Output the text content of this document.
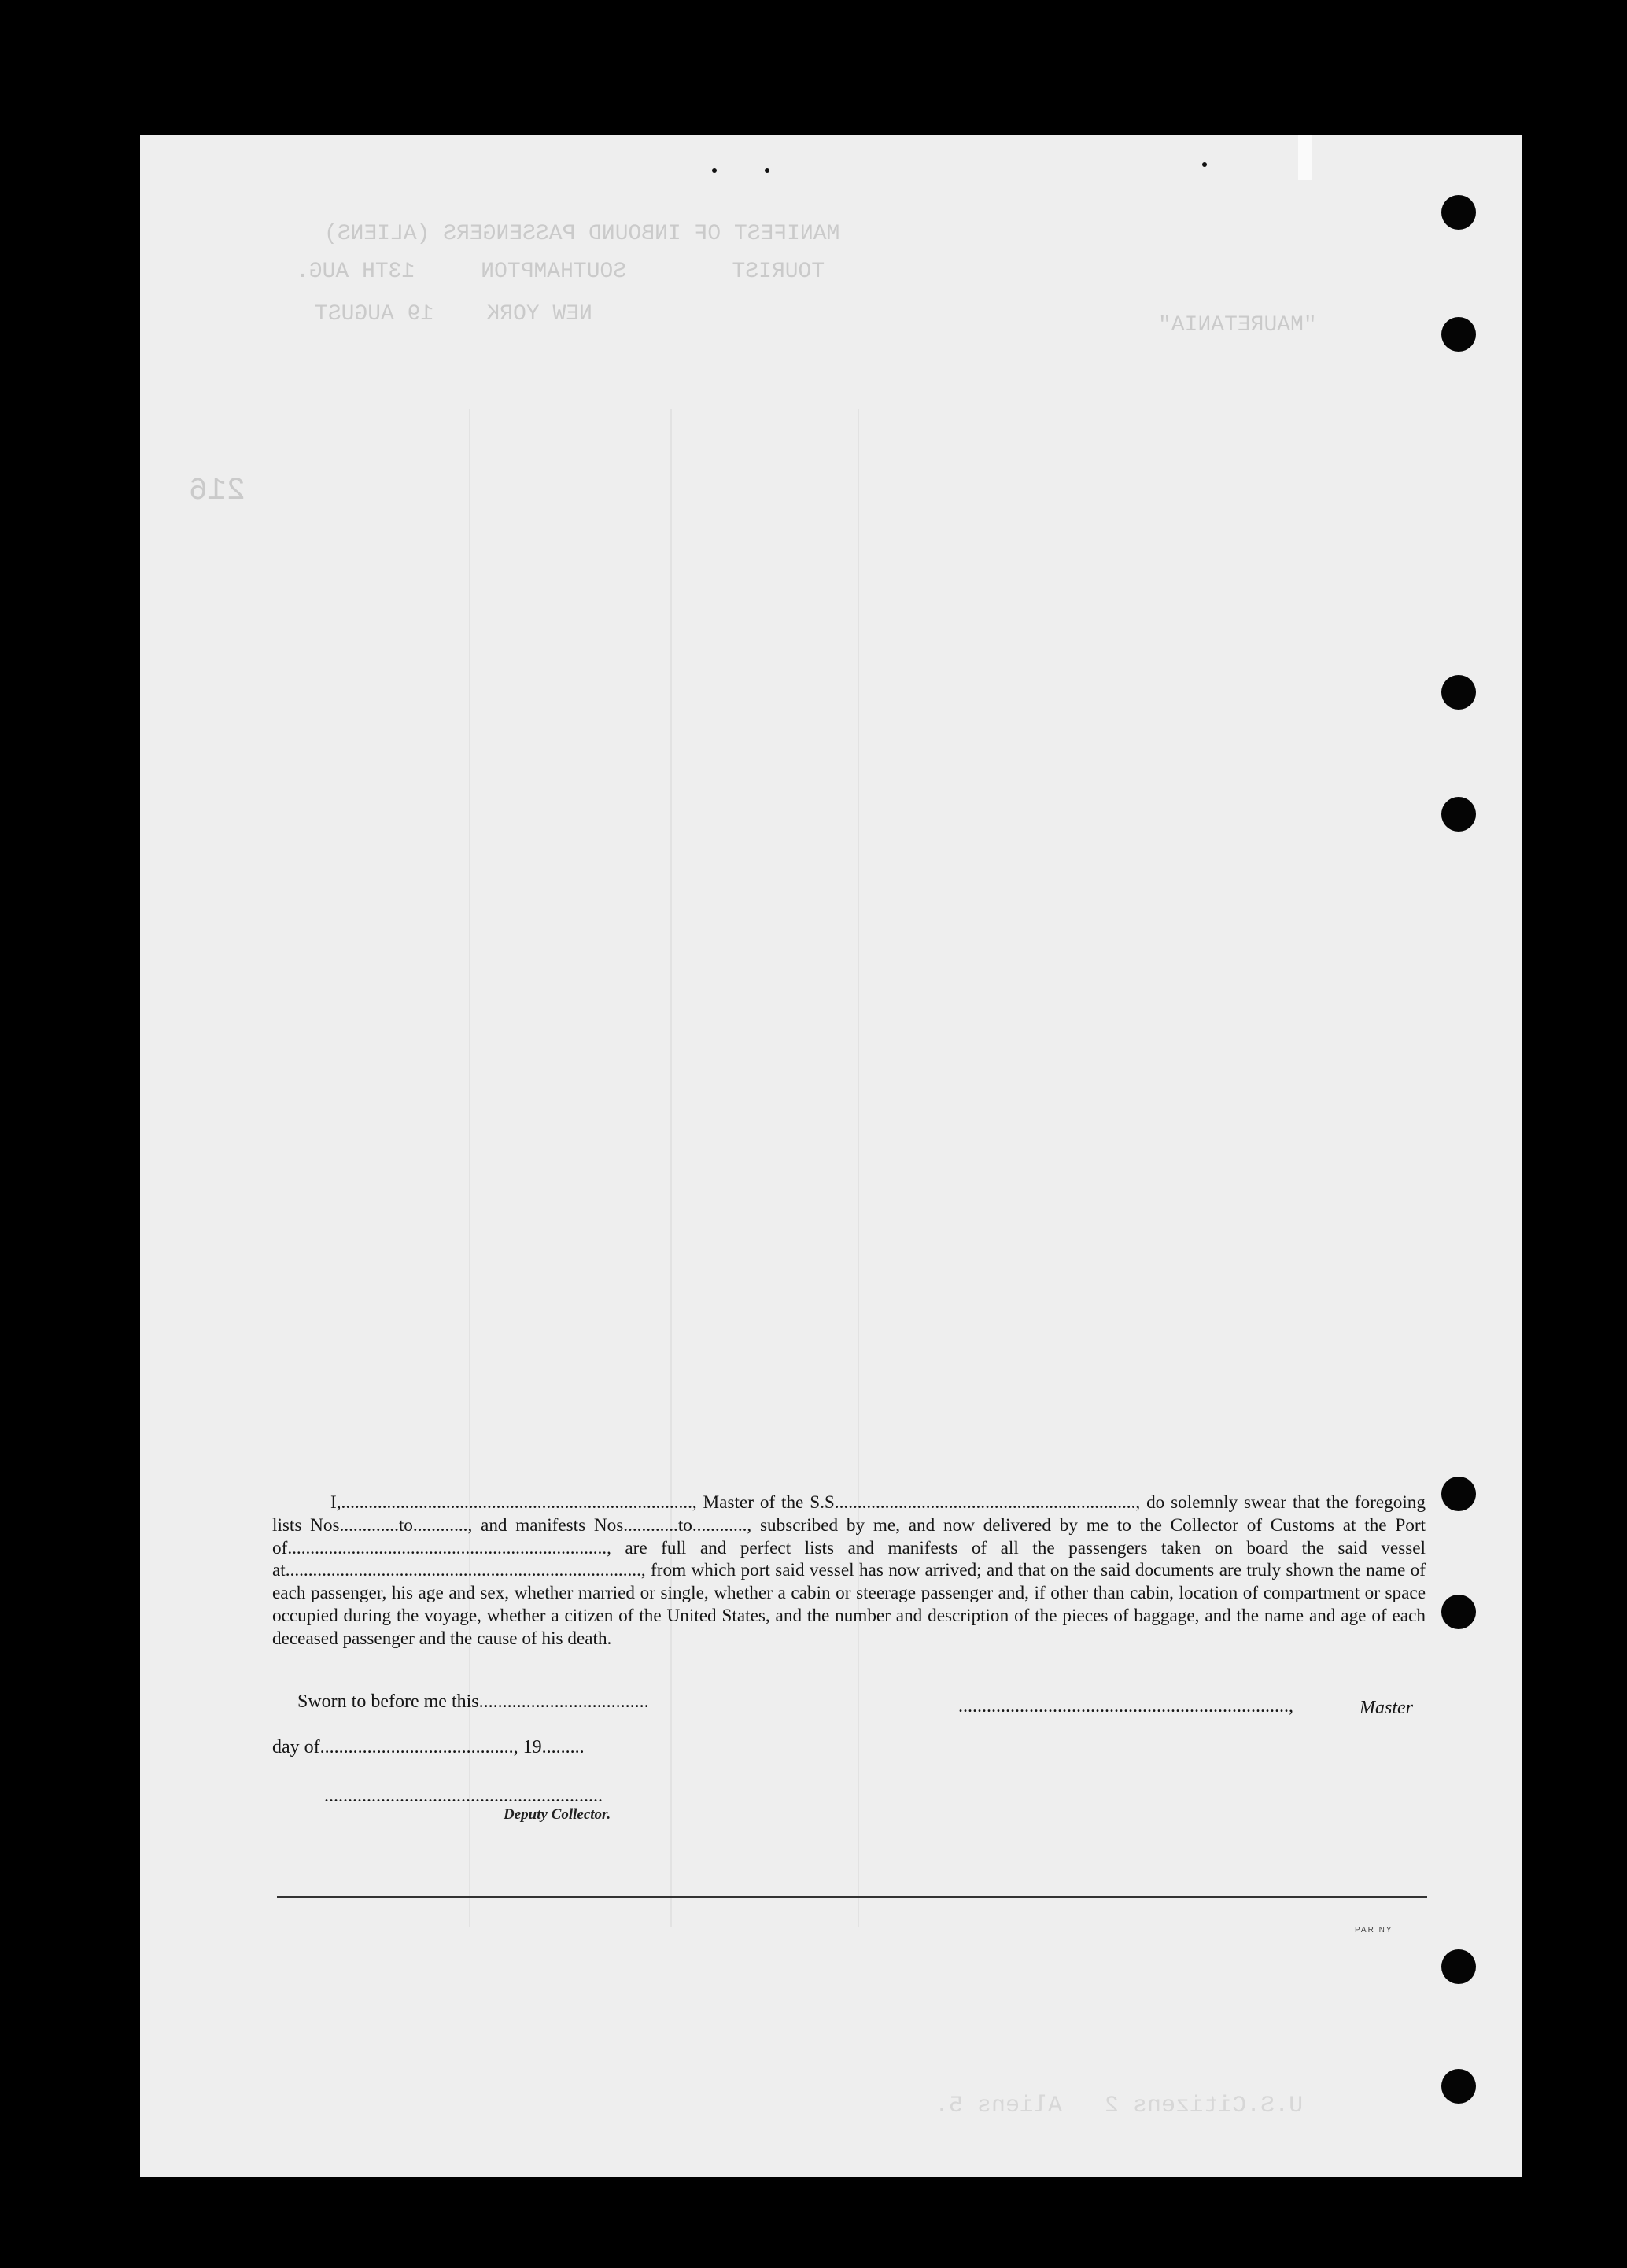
MANIFEST OF INBOUND PASSENGERS (ALIENS)
TOURIST        SOUTHAMPTON     13TH AUG.
NEW YORK    19 AUGUST	"MAURETANIA"
216
U.S.Citizens 2   Aliens 5.

I,............................................................................., Master of the S.S.................................................................., do solemnly swear that the foregoing lists Nos.............to............, and manifests Nos............to............, subscribed by me, and now delivered by me to the Collector of Customs at the Port of......................................................................, are full and perfect lists and manifests of all the passengers taken on board the said vessel at.............................................................................., from which port said vessel has now arrived; and that on the said documents are truly shown the name of each passenger, his age and sex, whether married or single, whether a cabin or steerage passenger and, if other than cabin, location of compartment or space occupied during the voyage, whether a citizen of the United States, and the number and description of the pieces of baggage, and the name and age of each deceased passenger and the cause of his death.

Sworn to before me this....................................	......................................................................,	Master
day of........................................., 19.........
...........................................................
Deputy Collector.
PAR NY
